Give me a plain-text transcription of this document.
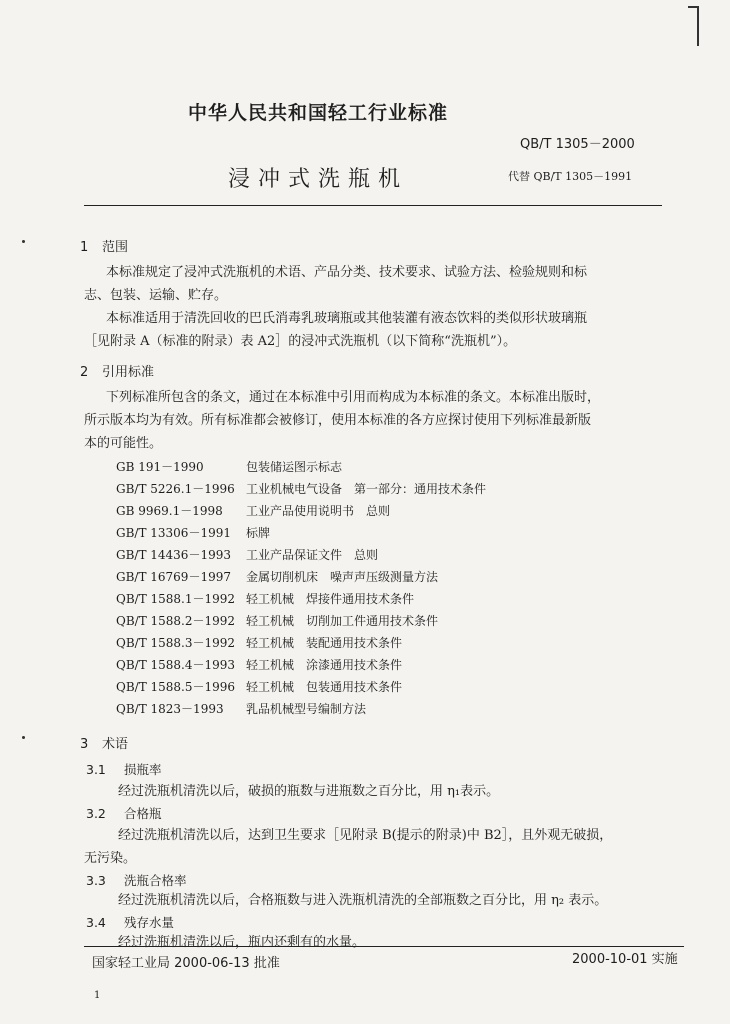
中华人民共和国轻工行业标准
QB/T 1305－2000
浸冲式洗瓶机	代替 QB/T 1305－1991
1 范围
本标准规定了浸冲式洗瓶机的术语、产品分类、技术要求、试验方法、检验规则和标
志、包装、运输、贮存。
本标准适用于清洗回收的巴氏消毒乳玻璃瓶或其他装灌有液态饮料的类似形状玻璃瓶
［见附录 A（标准的附录）表 A2］的浸冲式洗瓶机（以下简称“洗瓶机”）。
2 引用标准
下列标准所包含的条文，通过在本标准中引用而构成为本标准的条文。本标准出版时，
所示版本均为有效。所有标准都会被修订，使用本标准的各方应探讨使用下列标准最新版
本的可能性。
GB 191－1990	包装储运图示标志
GB/T 5226.1－1996 工业机械电气设备　第一部分：通用技术条件
GB 9969.1－1998 工业产品使用说明书　总则
GB/T 13306－1991 标牌
GB/T 14436－1993 工业产品保证文件　总则
GB/T 16769－1997 金属切削机床　噪声声压级测量方法
QB/T 1588.1－1992 轻工机械　焊接件通用技术条件
QB/T 1588.2－1992 轻工机械　切削加工件通用技术条件
QB/T 1588.3－1992 轻工机械　装配通用技术条件
QB/T 1588.4－1993 轻工机械　涂漆通用技术条件
QB/T 1588.5－1996 轻工机械　包装通用技术条件
QB/T 1823－1993 乳品机械型号编制方法
3 术语
3.1 损瓶率
经过洗瓶机清洗以后，破损的瓶数与进瓶数之百分比，用 η₁表示。
3.2 合格瓶
经过洗瓶机清洗以后，达到卫生要求［见附录 B(提示的附录)中 B2］，且外观无破损，
无污染。
3.3 洗瓶合格率
经过洗瓶机清洗以后，合格瓶数与进入洗瓶机清洗的全部瓶数之百分比，用 η₂ 表示。
3.4 残存水量
经过洗瓶机清洗以后，瓶内还剩有的水量。
国家轻工业局 2000-06-13 批准	2000-10-01 实施
1
